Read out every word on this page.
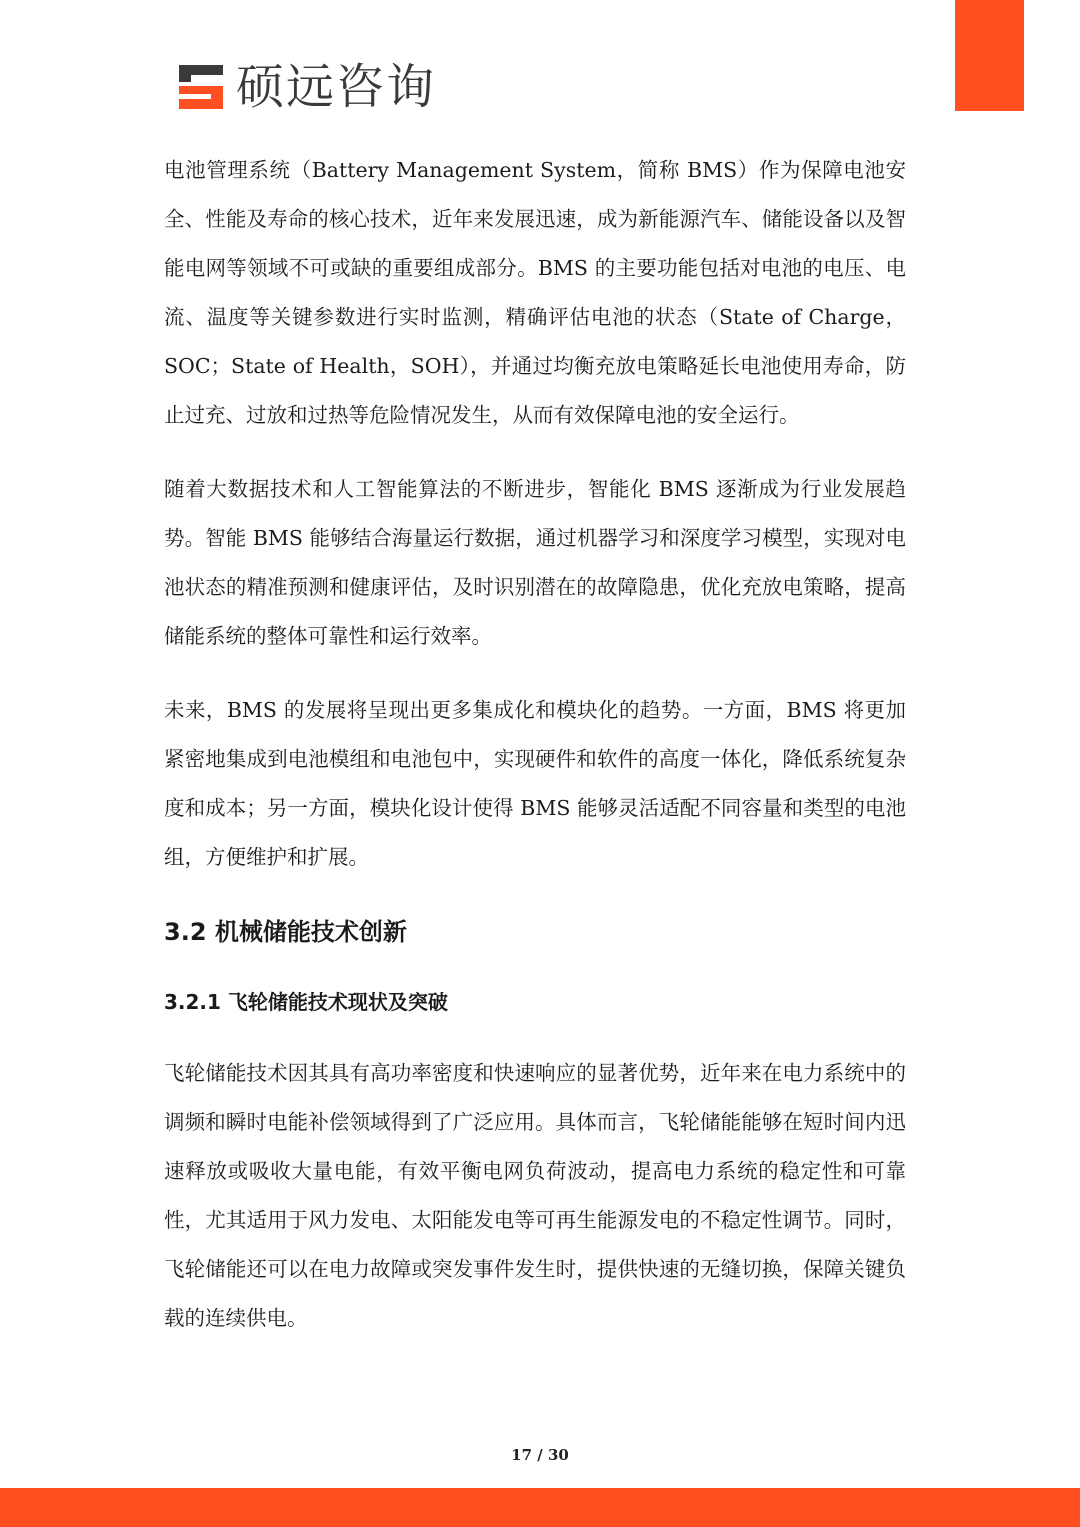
硕远咨询

电池管理系统（Battery Management System，简称 BMS）作为保障电池安全、性能及寿命的核心技术，近年来发展迅速，成为新能源汽车、储能设备以及智能电网等领域不可或缺的重要组成部分。BMS 的主要功能包括对电池的电压、电流、温度等关键参数进行实时监测，精确评估电池的状态（State of Charge，SOC；State of Health，SOH），并通过均衡充放电策略延长电池使用寿命，防止过充、过放和过热等危险情况发生，从而有效保障电池的安全运行。

随着大数据技术和人工智能算法的不断进步，智能化 BMS 逐渐成为行业发展趋势。智能 BMS 能够结合海量运行数据，通过机器学习和深度学习模型，实现对电池状态的精准预测和健康评估，及时识别潜在的故障隐患，优化充放电策略，提高储能系统的整体可靠性和运行效率。

未来，BMS 的发展将呈现出更多集成化和模块化的趋势。一方面，BMS 将更加紧密地集成到电池模组和电池包中，实现硬件和软件的高度一体化，降低系统复杂度和成本；另一方面，模块化设计使得 BMS 能够灵活适配不同容量和类型的电池组，方便维护和扩展。

3.2 机械储能技术创新
3.2.1 飞轮储能技术现状及突破

飞轮储能技术因其具有高功率密度和快速响应的显著优势，近年来在电力系统中的调频和瞬时电能补偿领域得到了广泛应用。具体而言，飞轮储能能够在短时间内迅速释放或吸收大量电能，有效平衡电网负荷波动，提高电力系统的稳定性和可靠性，尤其适用于风力发电、太阳能发电等可再生能源发电的不稳定性调节。同时，飞轮储能还可以在电力故障或突发事件发生时，提供快速的无缝切换，保障关键负载的连续供电。

17 / 30
